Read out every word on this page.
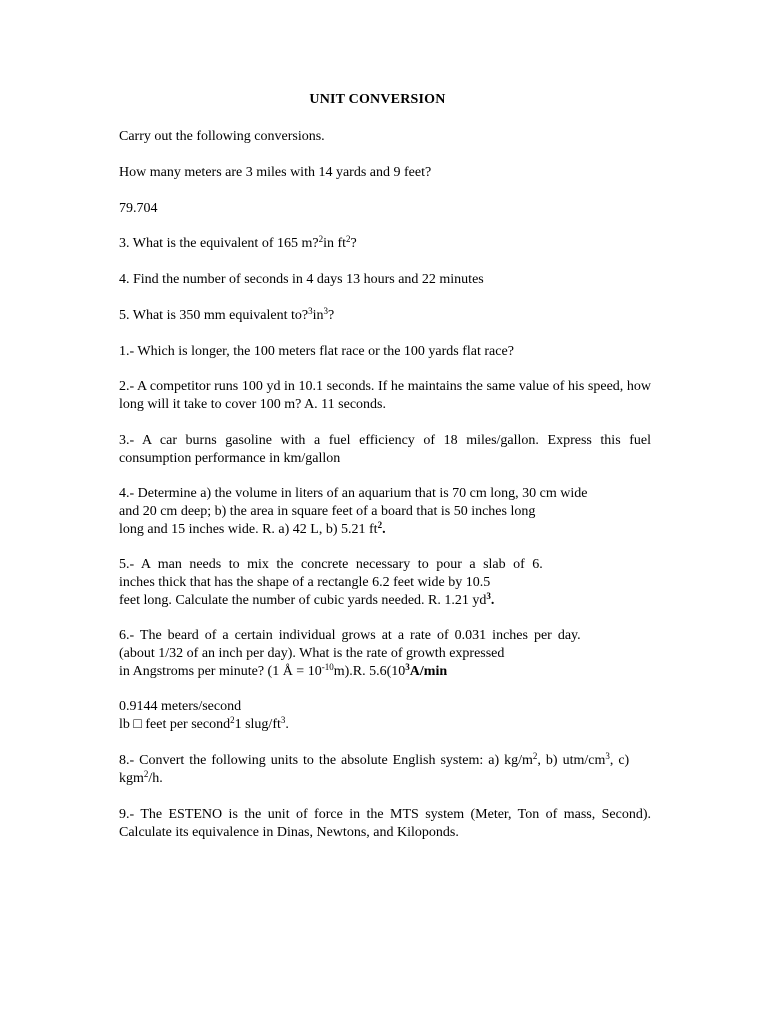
UNIT CONVERSION

Carry out the following conversions.

How many meters are 3 miles with 14 yards and 9 feet?

79.704

3. What is the equivalent of 165 m?$^2$in $ft^2$?

4. Find the number of seconds in 4 days 13 hours and 22 minutes

5. What is 350 mm equivalent $to?^3in^3$?

1.- Which is longer, the 100 meters flat race or the 100 yards flat race?

2.- A competitor runs 100 yd in 10.1 seconds. If he maintains the same value of his speed, how long will it take to cover 100 m? A. 11 seconds.

3.- A car burns gasoline with a fuel efficiency of 18 miles/gallon. Express this fuel consumption performance in km/gallon

4.- Determine a) the volume in liters of an aquarium that is 70 cm long, 30 cm wide
and 20 cm deep; b) the area in square feet of a board that is 50 inches long
long and 15 inches wide. R. a) 42 L, b) 5.21 $ft^2$.

5.- A man needs to mix the concrete necessary to pour a slab of 6.
inches thick that has the shape of a rectangle 6.2 feet wide by 10.5
feet long. Calculate the number of cubic yards needed. R. 1.21 $yd^3$.

6.- The beard of a certain individual grows at a rate of 0.031 inches per day.
(about 1/32 of an inch per day). What is the rate of growth expressed
in Angstroms per minute? (1 Å = $10^{-10}m).R$. $5.6(10^3A/\min$

0.9144 meters/second
lb □ feet per second$^2$1 slug/$ft^3$.

8.- Convert the following units to the absolute English system: a) $kg/m^2$, b) utm/$cm^3$, c)
kgm$^2$/h.

9.- The ESTENO is the unit of force in the MTS system (Meter, Ton of mass, Second). Calculate its equivalence in Dinas, Newtons, and Kiloponds.
